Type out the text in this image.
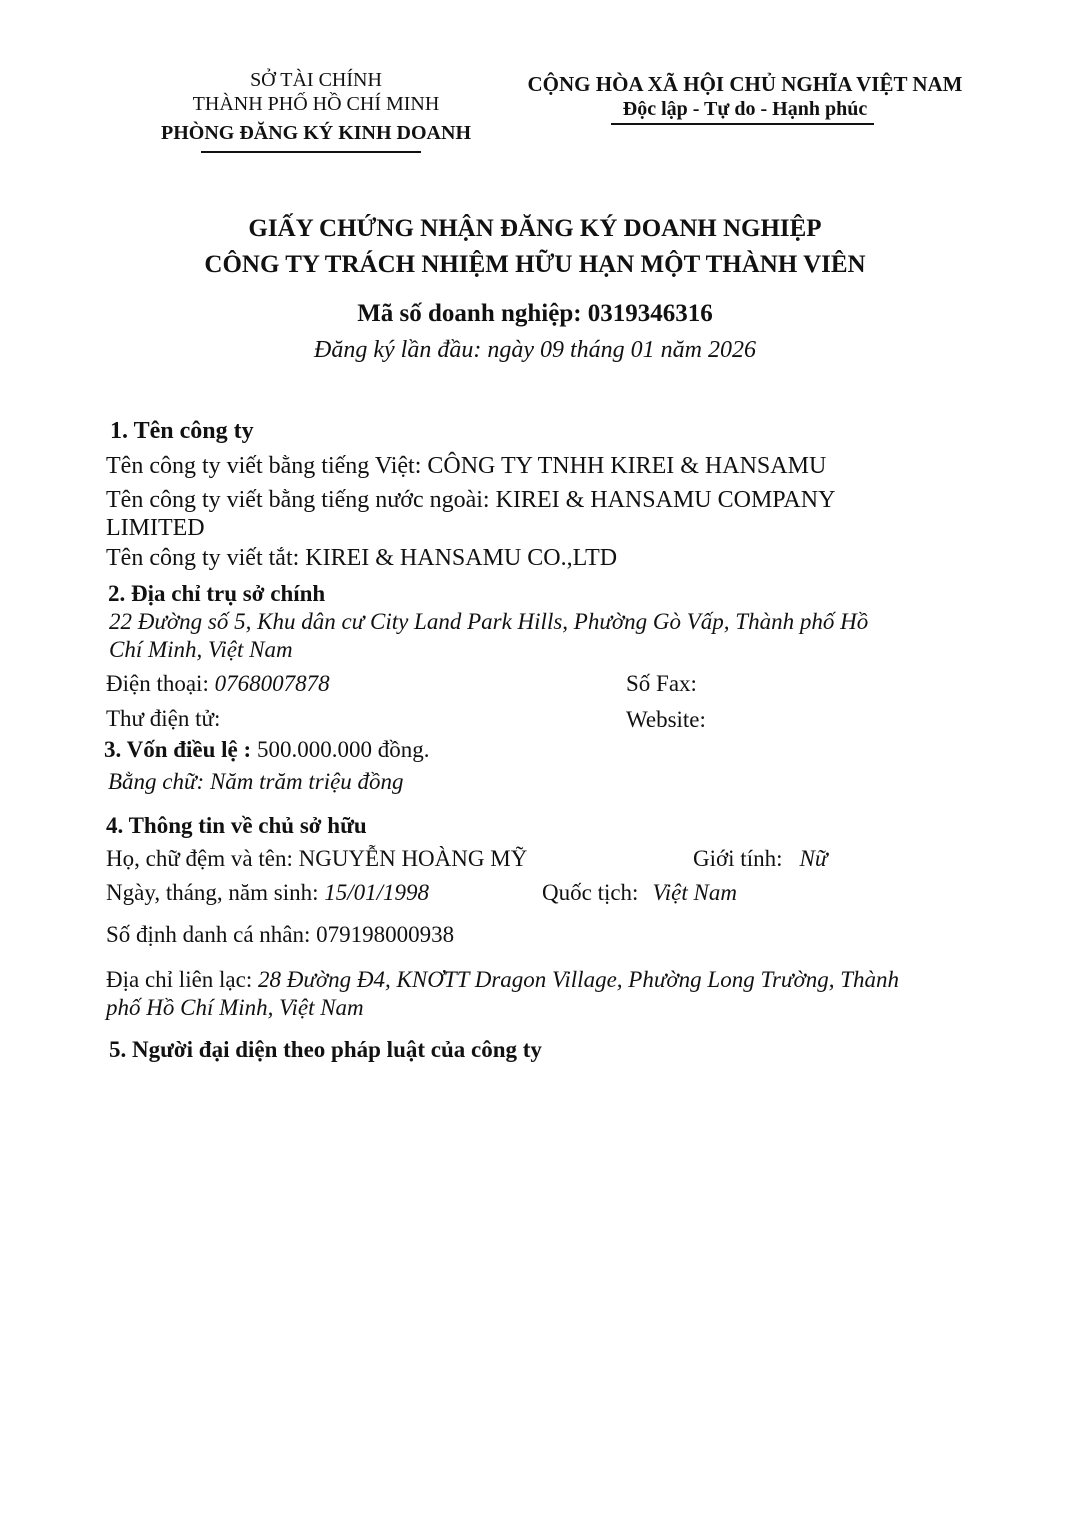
SỞ TÀI CHÍNH
THÀNH PHỐ HỒ CHÍ MINH
PHÒNG ĐĂNG KÝ KINH DOANH
CỘNG HÒA XÃ HỘI CHỦ NGHĨA VIỆT NAM
Độc lập - Tự do - Hạnh phúc
GIẤY CHỨNG NHẬN ĐĂNG KÝ DOANH NGHIỆP
CÔNG TY TRÁCH NHIỆM HỮU HẠN MỘT THÀNH VIÊN
Mã số doanh nghiệp: 0319346316
Đăng ký lần đầu: ngày 09 tháng 01 năm 2026
1. Tên công ty
Tên công ty viết bằng tiếng Việt: CÔNG TY TNHH KIREI & HANSAMU
Tên công ty viết bằng tiếng nước ngoài: KIREI & HANSAMU COMPANY
LIMITED
Tên công ty viết tắt: KIREI & HANSAMU CO.,LTD
2. Địa chỉ trụ sở chính
22 Đường số 5, Khu dân cư City Land Park Hills, Phường Gò Vấp, Thành phố Hồ
Chí Minh, Việt Nam
Điện thoại: 0768007878	Số Fax:
Thư điện tử:	Website:
3. Vốn điều lệ : 500.000.000 đồng.
Bằng chữ: Năm trăm triệu đồng
4. Thông tin về chủ sở hữu
Họ, chữ đệm và tên: NGUYỄN HOÀNG MỸ	Giới tính: Nữ
Ngày, tháng, năm sinh: 15/01/1998	Quốc tịch: Việt Nam
Số định danh cá nhân: 079198000938
Địa chỉ liên lạc: 28 Đường Đ4, KNƠTT Dragon Village, Phường Long Trường, Thành
phố Hồ Chí Minh, Việt Nam
5. Người đại diện theo pháp luật của công ty
